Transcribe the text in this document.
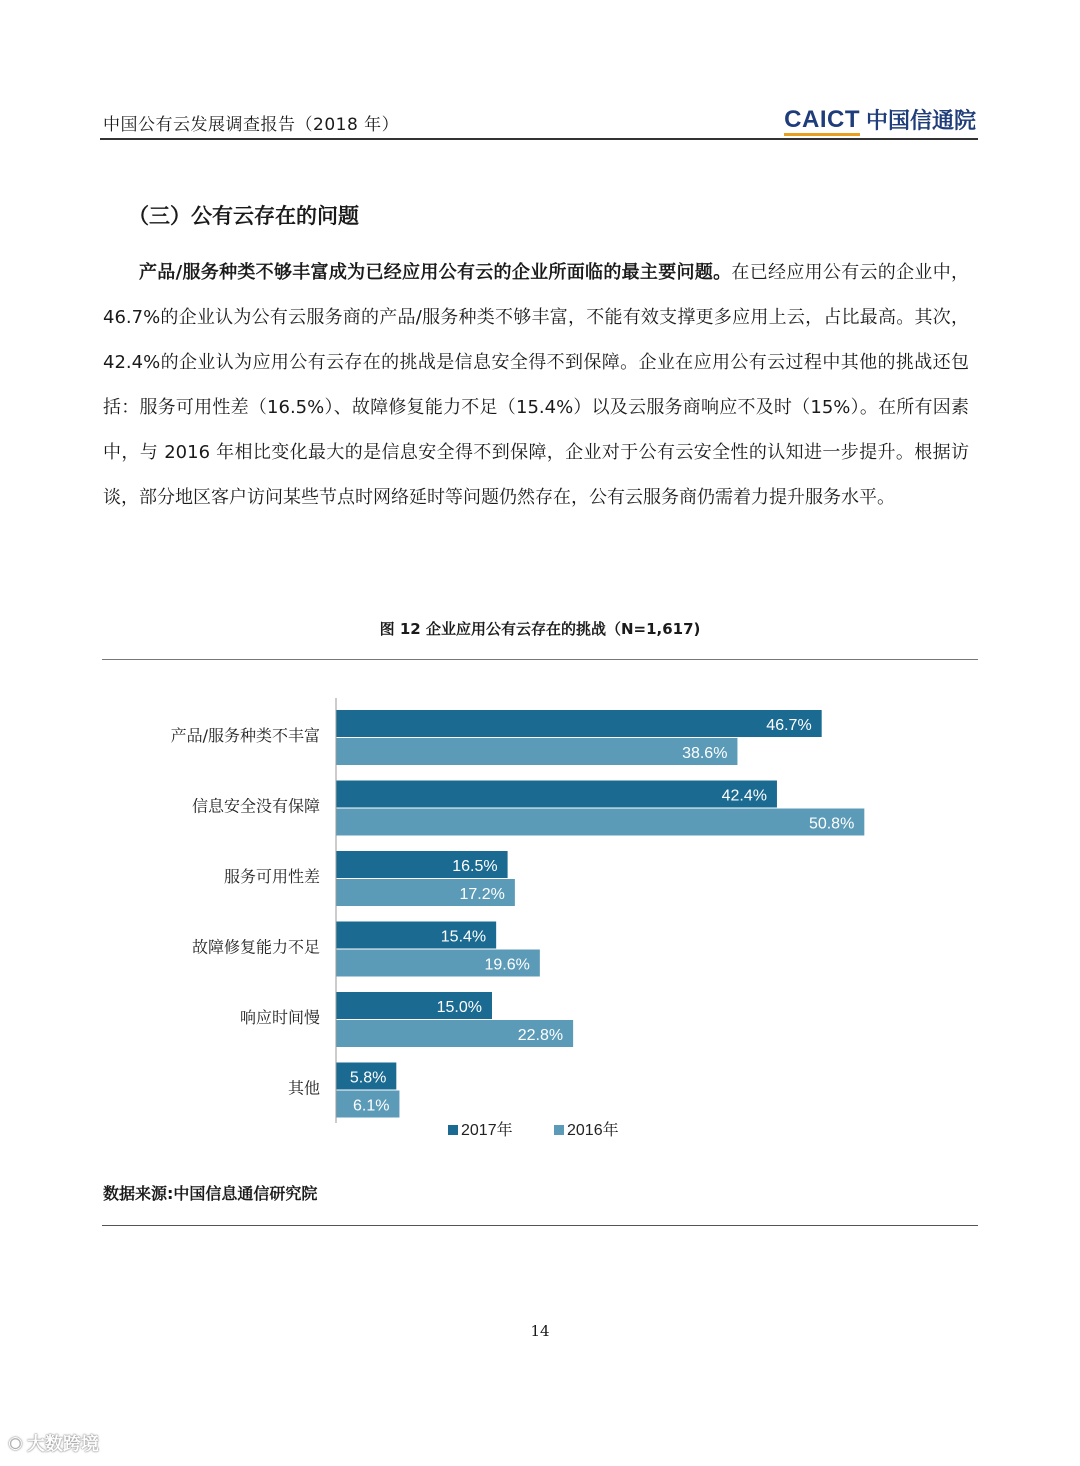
中国公有云发展调查报告（2018 年）	CAICT 中国信通院
（三）公有云存在的问题

产品/服务种类不够丰富成为已经应用公有云的企业所面临的最主要问题。在已经应用公有云的企业中，46.7%的企业认为公有云服务商的产品/服务种类不够丰富，不能有效支撑更多应用上云，占比最高。其次，42.4%的企业认为应用公有云存在的挑战是信息安全得不到保障。企业在应用公有云过程中其他的挑战还包括：服务可用性差（16.5%）、故障修复能力不足（15.4%）以及云服务商响应不及时（15%）。在所有因素中，与 2016 年相比变化最大的是信息安全得不到保障，企业对于公有云安全性的认知进一步提升。根据访谈，部分地区客户访问某些节点时网络延时等问题仍然存在，公有云服务商仍需着力提升服务水平。

图 12 企业应用公有云存在的挑战（N=1,617)
产品/服务种类不丰富
46.7%
38.6%
信息安全没有保障
42.4%
50.8%
服务可用性差
16.5%
17.2%
故障修复能力不足
15.4%
19.6%
响应时间慢
15.0%
22.8%
其他
5.8%
6.1%
2017年	2016年
数据来源:中国信息通信研究院
14
◉ 大数跨境
